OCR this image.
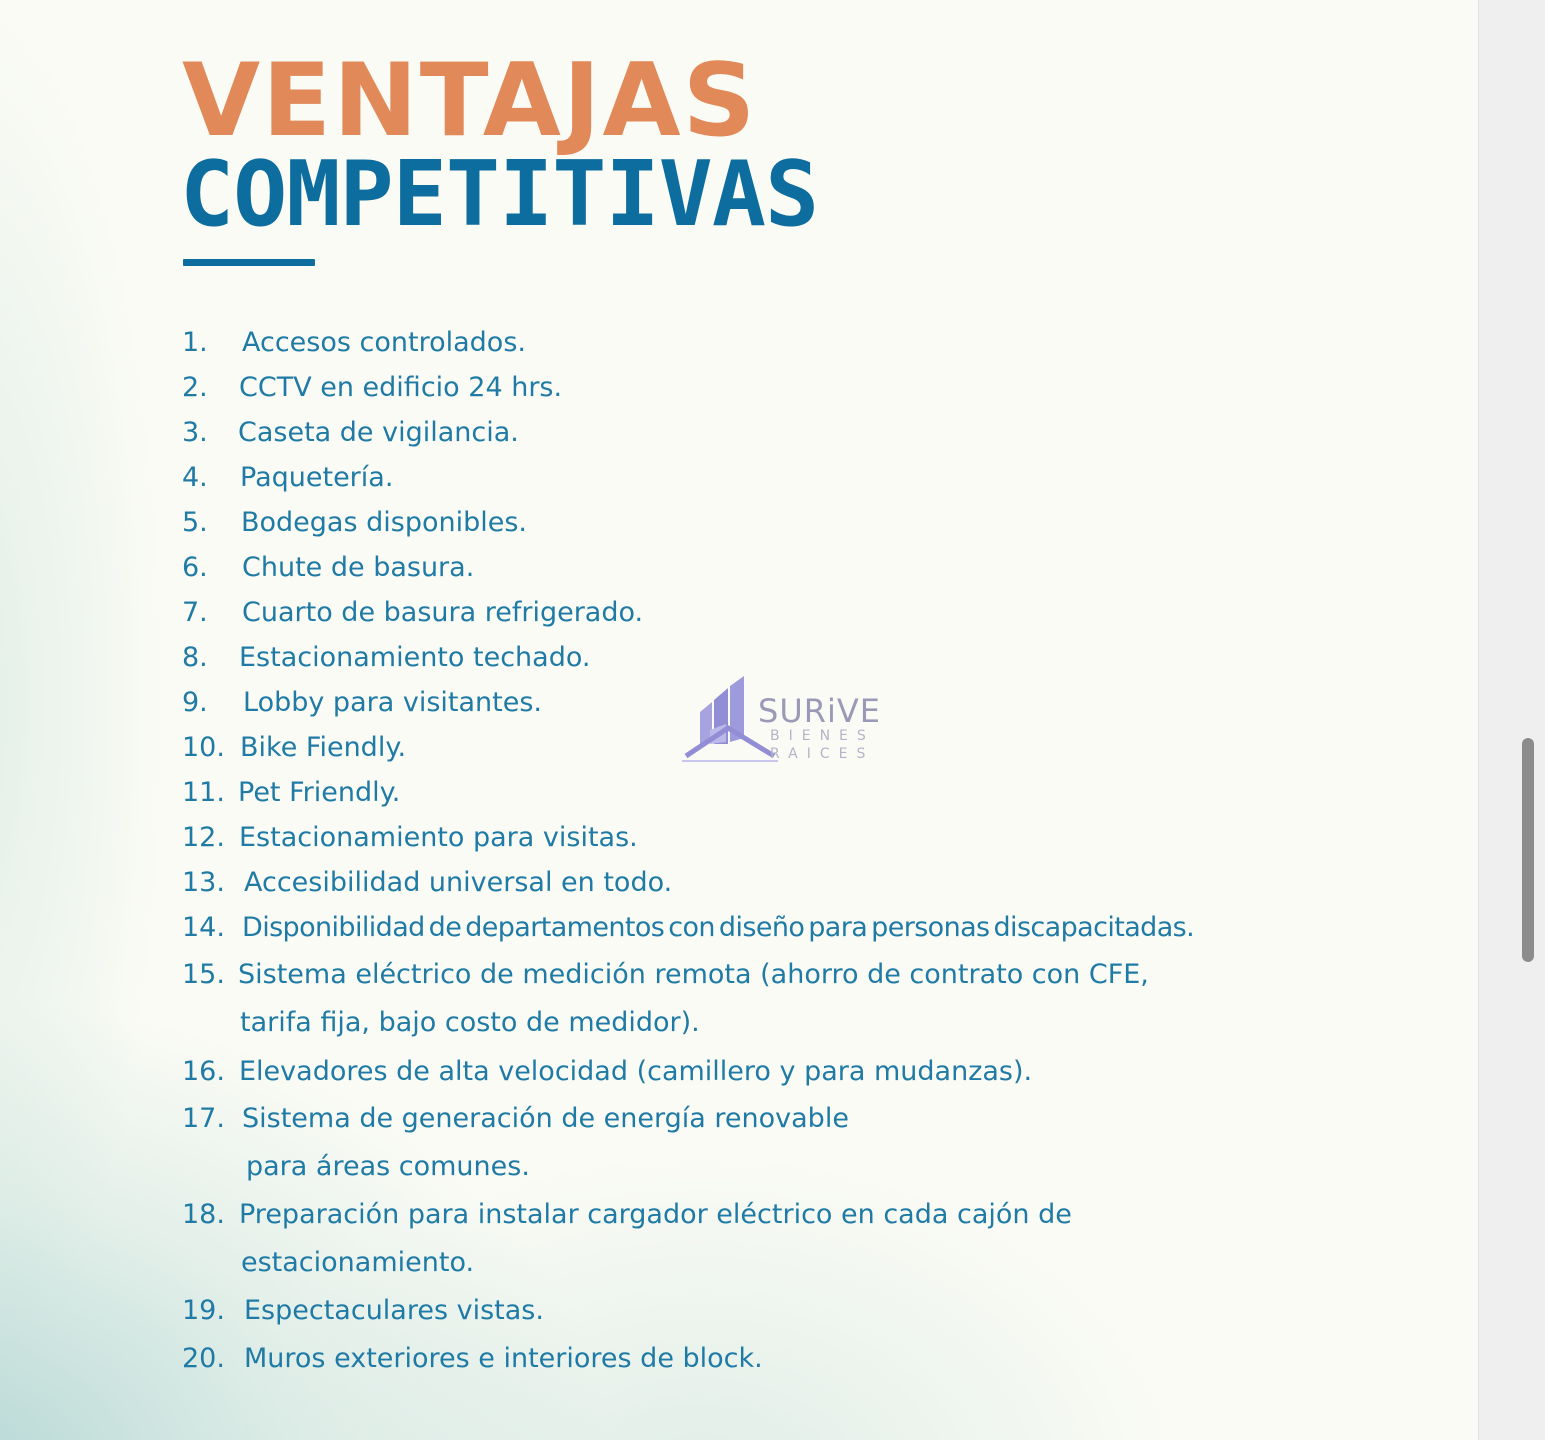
VENTAJAS
COMPETITIVAS
1. Accesos controlados.
2. CCTV en edificio 24 hrs.
3. Caseta de vigilancia.
4. Paquetería.
5. Bodegas disponibles.
6. Chute de basura.
7. Cuarto de basura refrigerado.
8. Estacionamiento techado.
9. Lobby para visitantes.
10. Bike Fiendly.
11. Pet Friendly.
12. Estacionamiento para visitas.
13. Accesibilidad universal en todo.
14. Disponibilidad de departamentos con diseño para personas discapacitadas.
15. Sistema eléctrico de medición remota (ahorro de contrato con CFE,
tarifa fija, bajo costo de medidor).
16. Elevadores de alta velocidad (camillero y para mudanzas).
17. Sistema de generación de energía renovable
para áreas comunes.
18. Preparación para instalar cargador eléctrico en cada cajón de
estacionamiento.
19. Espectaculares vistas.
20. Muros exteriores e interiores de block.
SURiVE
BIENES
RAICES
